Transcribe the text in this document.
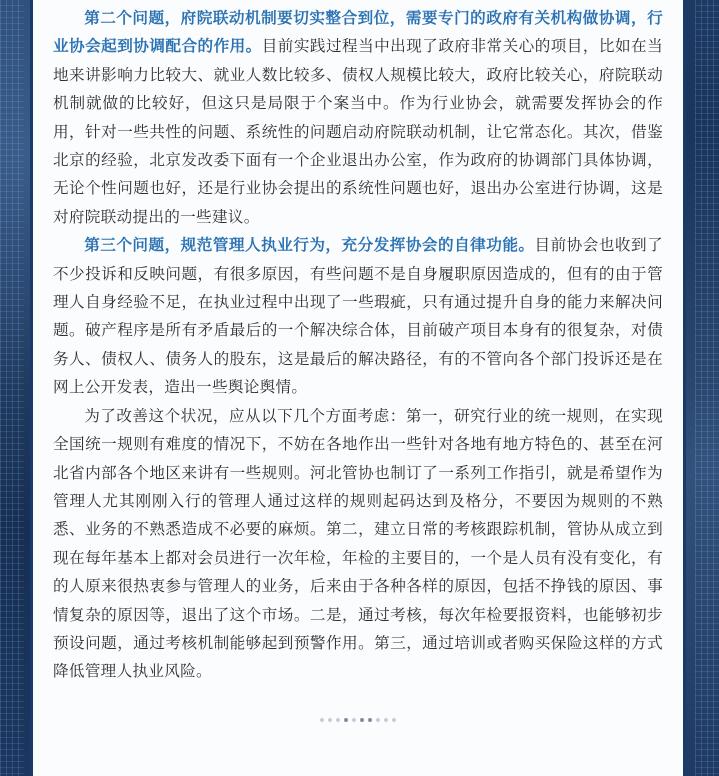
第二个问题，府院联动机制要切实整合到位，需要专门的政府有关机构做协调，行业协会起到协调配合的作用。目前实践过程当中出现了政府非常关心的项目，比如在当地来讲影响力比较大、就业人数比较多、债权人规模比较大，政府比较关心，府院联动机制就做的比较好，但这只是局限于个案当中。作为行业协会，就需要发挥协会的作用，针对一些共性的问题、系统性的问题启动府院联动机制，让它常态化。其次，借鉴北京的经验，北京发改委下面有一个企业退出办公室，作为政府的协调部门具体协调，无论个性问题也好，还是行业协会提出的系统性问题也好，退出办公室进行协调，这是对府院联动提出的一些建议。

第三个问题，规范管理人执业行为，充分发挥协会的自律功能。目前协会也收到了不少投诉和反映问题，有很多原因，有些问题不是自身履职原因造成的，但有的由于管理人自身经验不足，在执业过程中出现了一些瑕疵，只有通过提升自身的能力来解决问题。破产程序是所有矛盾最后的一个解决综合体，目前破产项目本身有的很复杂，对债务人、债权人、债务人的股东，这是最后的解决路径，有的不管向各个部门投诉还是在网上公开发表，造出一些舆论舆情。

为了改善这个状况，应从以下几个方面考虑：第一，研究行业的统一规则，在实现全国统一规则有难度的情况下，不妨在各地作出一些针对各地有地方特色的、甚至在河北省内部各个地区来讲有一些规则。河北管协也制订了一系列工作指引，就是希望作为管理人尤其刚刚入行的管理人通过这样的规则起码达到及格分，不要因为规则的不熟悉、业务的不熟悉造成不必要的麻烦。第二，建立日常的考核跟踪机制，管协从成立到现在每年基本上都对会员进行一次年检，年检的主要目的，一个是人员有没有变化，有的人原来很热衷参与管理人的业务，后来由于各种各样的原因，包括不挣钱的原因、事情复杂的原因等，退出了这个市场。二是，通过考核，每次年检要报资料，也能够初步预设问题，通过考核机制能够起到预警作用。第三，通过培训或者购买保险这样的方式降低管理人执业风险。
